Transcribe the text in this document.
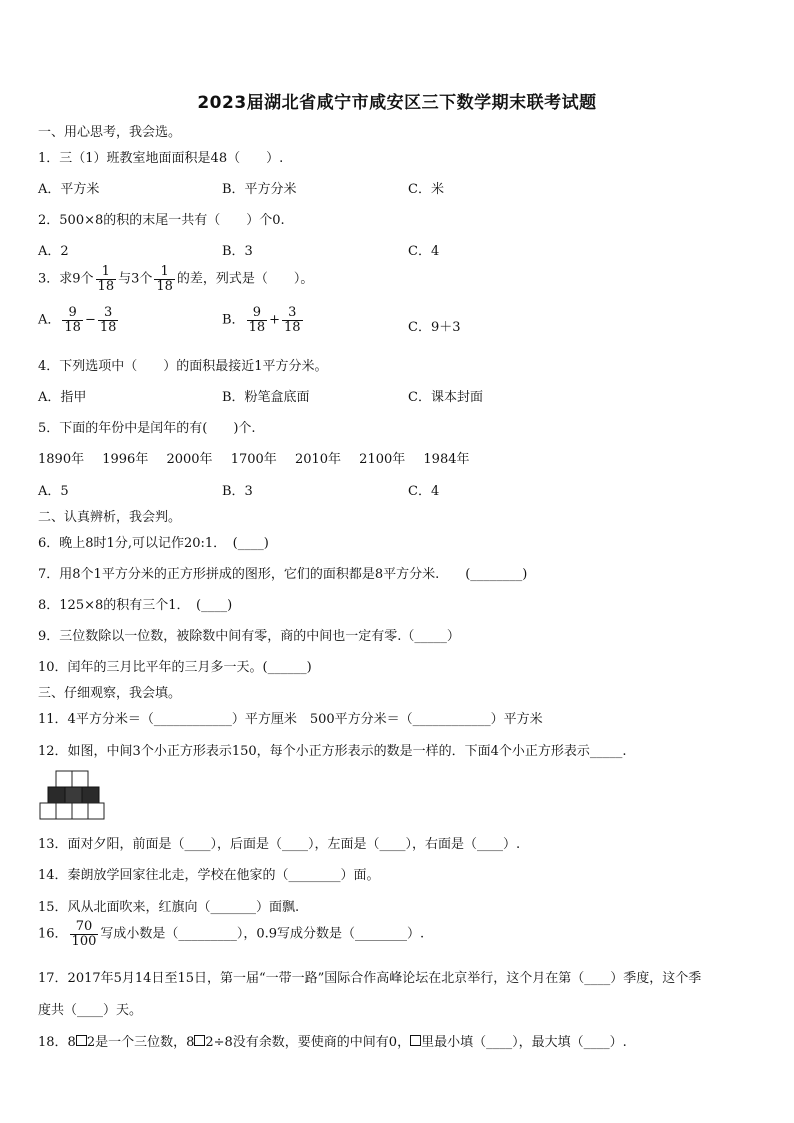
2023届湖北省咸宁市咸安区三下数学期末联考试题
一、用心思考，我会选。
1．三（1）班教室地面面积是48（　　）.
A．平方米	B．平方分米	C．米
2．500×8的积的末尾一共有（　　）个0.
A．2	B．3	C．4
3．求9个 $\frac{1}{18}$ 与3个 $\frac{1}{18}$ 的差，列式是（　　）。
A． $\frac{9}{18} - \frac{3}{18}$	B． $\frac{9}{18} + \frac{3}{18}$	C．9＋3
4．下列选项中（　　）的面积最接近1平方分米。
A．指甲	B．粉笔盒底面	C．课本封面
5．下面的年份中是闰年的有(　　)个.
1890年 1996年 2000年 1700年 2010年 2100年 1984年
A．5	B．3	C．4
二、认真辨析，我会判。
6．晚上8时1分,可以记作20:1．　(____)
7．用8个1平方分米的正方形拼成的图形，它们的面积都是8平方分米.　　(________)
8．125×8的积有三个1．　(____)
9．三位数除以一位数，被除数中间有零，商的中间也一定有零.（_____）
10．闰年的三月比平年的三月多一天。(______)
三、仔细观察，我会填。
11．4平方分米＝（____________）平方厘米　500平方分米＝（____________）平方米
12．如图，中间3个小正方形表示150，每个小正方形表示的数是一样的．下面4个小正方形表示_____.
13．面对夕阳，前面是（____），后面是（____），左面是（____），右面是（____）.
14．秦朗放学回家往北走，学校在他家的（________）面。
15．风从北面吹来，红旗向（_______）面飘.
16． $\frac{70}{100}$ 写成小数是（_________），0.9写成分数是（________）.
17．2017年5月14日至15日，第一届“一带一路”国际合作高峰论坛在北京举行，这个月在第（____）季度，这个季
度共（____）天。
18．8 2是一个三位数，8 2÷8没有余数，要使商的中间有0， 里最小填（____），最大填（____）.
